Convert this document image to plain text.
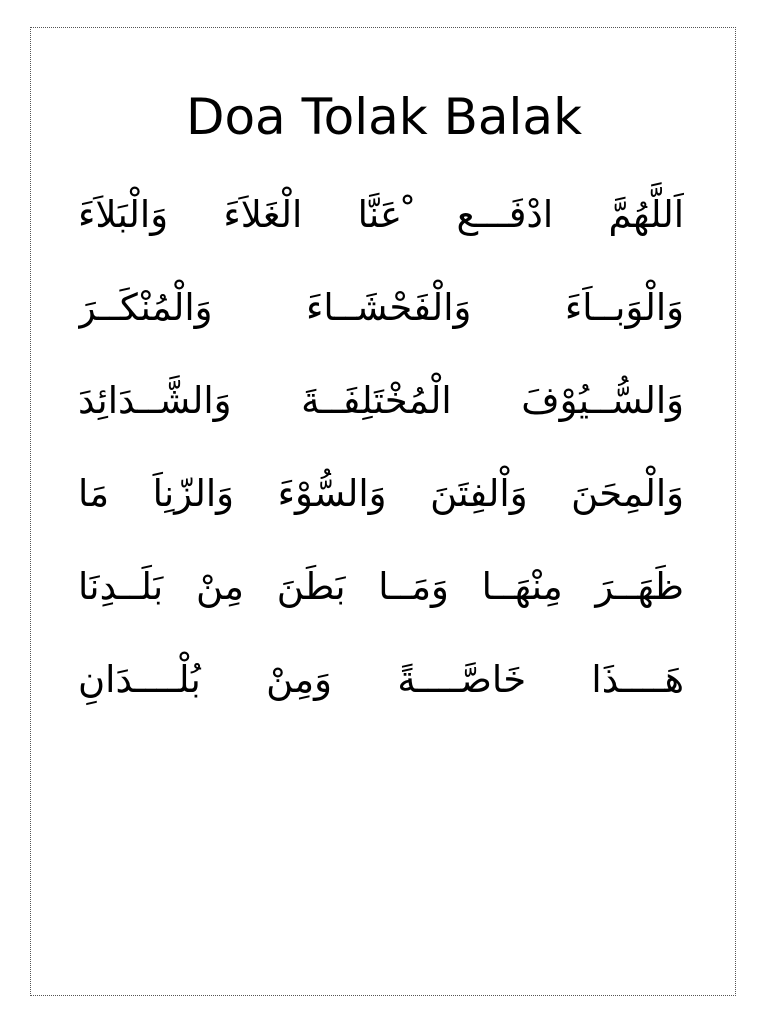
Doa Tolak Balak
اَللَّهُمَّ ادْفَـــع ْعَنَّا الْغَلاَءَ وَالْبَلاَءَ
وَالْوَبــاَءَ وَالْفَحْشَــاءَ وَالْمُنْكَــرَ
وَالسُّــيُوْفَ الْمُخْتَلِفَــةَ وَالشَّــدَائِدَ
وَالْمِحَنَ وَاْلفِتَنَ وَالسُّوْءَ وَالزّنِاَ مَا
ظَهَــرَ مِنْهَــا وَمَــا بَطَنَ مِنْ بَلَــدِنَا
هَــــذَا خَاصَّــــةً وَمِنْ بُلْــــدَانِ
